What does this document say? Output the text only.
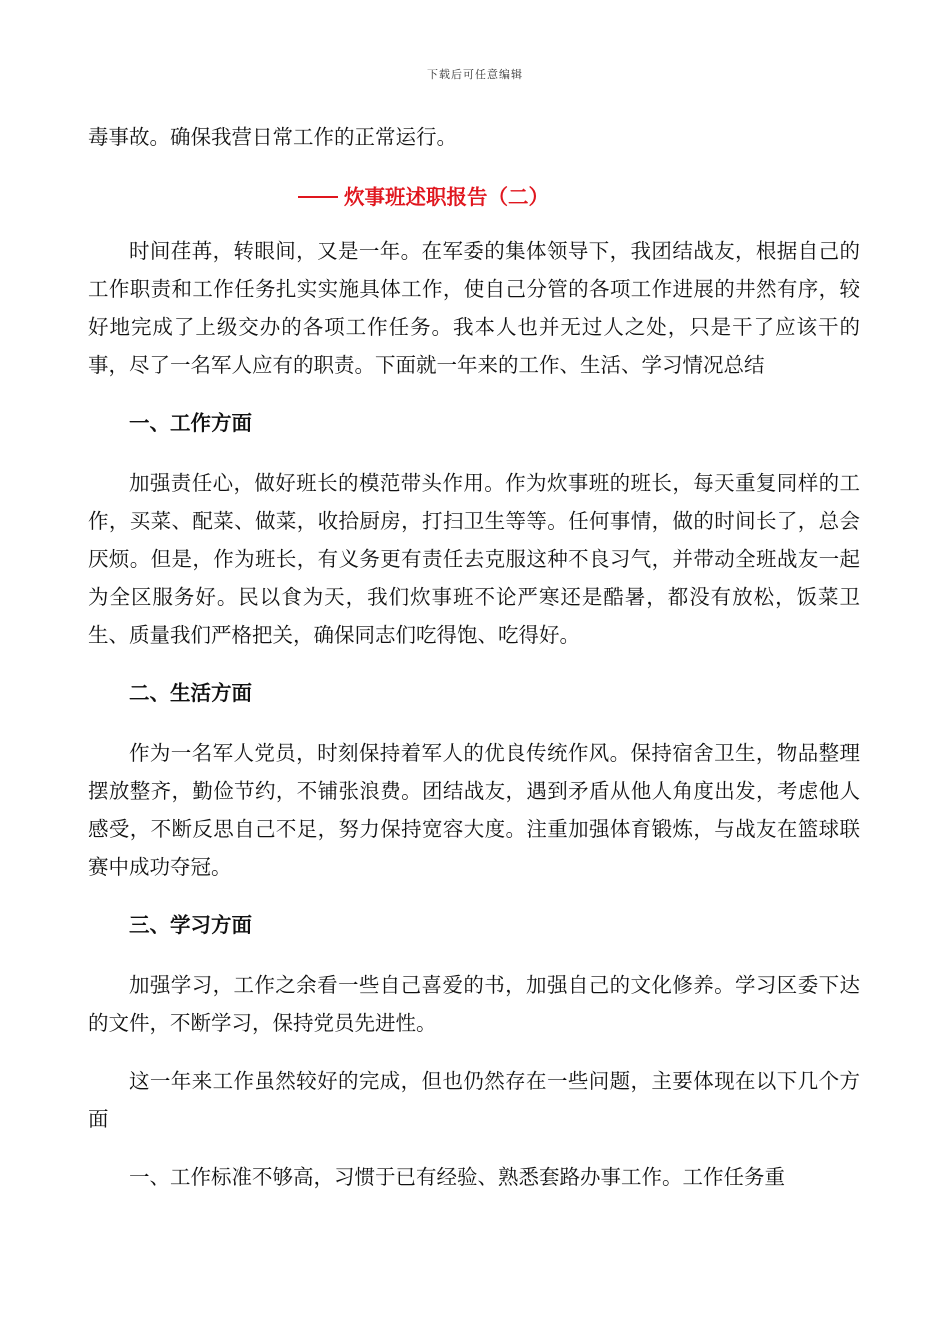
下载后可任意编辑

毒事故。确保我营日常工作的正常运行。

炊事班述职报告（二）

时间荏苒，转眼间，又是一年。在军委的集体领导下，我团结战友，根据自己的工作职责和工作任务扎实实施具体工作，使自己分管的各项工作进展的井然有序，较好地完成了上级交办的各项工作任务。我本人也并无过人之处，只是干了应该干的事，尽了一名军人应有的职责。下面就一年来的工作、生活、学习情况总结

一、工作方面

加强责任心，做好班长的模范带头作用。作为炊事班的班长，每天重复同样的工作，买菜、配菜、做菜，收拾厨房，打扫卫生等等。任何事情，做的时间长了，总会厌烦。但是，作为班长，有义务更有责任去克服这种不良习气，并带动全班战友一起为全区服务好。民以食为天，我们炊事班不论严寒还是酷暑，都没有放松，饭菜卫生、质量我们严格把关，确保同志们吃得饱、吃得好。

二、生活方面

作为一名军人党员，时刻保持着军人的优良传统作风。保持宿舍卫生，物品整理摆放整齐，勤俭节约，不铺张浪费。团结战友，遇到矛盾从他人角度出发，考虑他人感受，不断反思自己不足，努力保持宽容大度。注重加强体育锻炼，与战友在篮球联赛中成功夺冠。

三、学习方面

加强学习，工作之余看一些自己喜爱的书，加强自己的文化修养。学习区委下达的文件，不断学习，保持党员先进性。

这一年来工作虽然较好的完成，但也仍然存在一些问题，主要体现在以下几个方面

一、工作标准不够高，习惯于已有经验、熟悉套路办事工作。工作任务重
